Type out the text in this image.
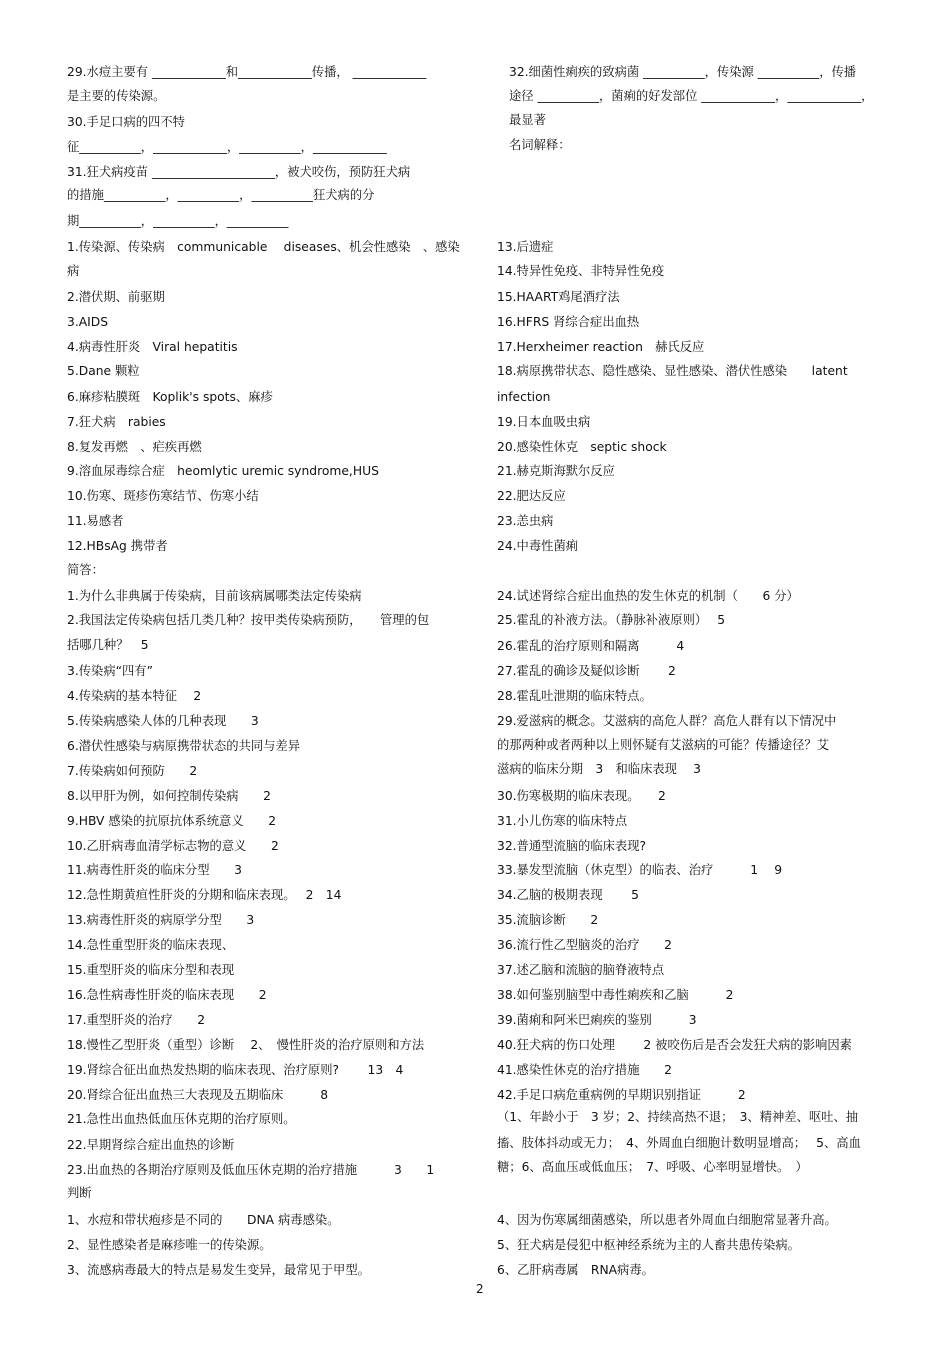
29.水痘主要有 ____________和____________传播， ____________
是主要的传染源。
30.手足口病的四不特
征__________，____________，__________，____________
31.狂犬病疫苗 ____________________，被犬咬伤，预防狂犬病
的措施__________，__________，__________狂犬病的分
期__________，__________，__________
32.细菌性痢疾的致病菌 __________，传染源 __________，传播
途径 __________，菌痢的好发部位 ____________，____________，
最显著
名词解释：
1.传染源、传染病　communicable　 diseases、机会性感染　、感染
病
2.潜伏期、前驱期
3.AIDS
4.病毒性肝炎　Viral hepatitis
5.Dane 颗粒
6.麻疹粘膜斑　Koplik's spots、麻疹
7.狂犬病　rabies
8.复发再燃　、疟疾再燃
9.溶血尿毒综合症　heomlytic uremic syndrome,HUS
10.伤寒、斑疹伤寒结节、伤寒小结
11.易感者
12.HBsAg 携带者
简答：
13.后遗症
14.特异性免疫、非特异性免疫
15.HAART鸡尾酒疗法
16.HFRS 肾综合症出血热
17.Herxheimer reaction　赫氏反应
18.病原携带状态、隐性感染、显性感染、潜伏性感染　　latent
infection
19.日本血吸虫病
20.感染性休克　septic shock
21.赫克斯海默尔反应
22.肥达反应
23.恙虫病
24.中毒性菌痢
1.为什么非典属于传染病，目前该病属哪类法定传染病
2.我国法定传染病包括几类几种？按甲类传染病预防，　　管理的包
括哪几种？　5
3.传染病“四有”
4.传染病的基本特征　 2
5.传染病感染人体的几种表现　　3
6.潜伏性感染与病原携带状态的共同与差异
7.传染病如何预防　　2
8.以甲肝为例，如何控制传染病　　2
9.HBV 感染的抗原抗体系统意义　　2
10.乙肝病毒血清学标志物的意义　　2
11.病毒性肝炎的临床分型　　3
12.急性期黄疸性肝炎的分期和临床表现。　 2　14
13.病毒性肝炎的病原学分型　　3
14.急性重型肝炎的临床表现、
15.重型肝炎的临床分型和表现
16.急性病毒性肝炎的临床表现　　2
17.重型肝炎的治疗　　2
18.慢性乙型肝炎（重型）诊断　 2、　慢性肝炎的治疗原则和方法
19.肾综合征出血热发热期的临床表现、治疗原则?　　 13　4
20.肾综合征出血热三大表现及五期临床　　　8
21.急性出血热低血压休克期的治疗原则。
22.早期肾综合症出血热的诊断
23.出血热的各期治疗原则及低血压休克期的治疗措施　　　3　　1
判断
24.试述肾综合症出血热的发生休克的机制（　　6 分）
25.霍乱的补液方法。（静脉补液原则）　 5
26.霍乱的治疗原则和隔离　　　4
27.霍乱的确诊及疑似诊断　　 2
28.霍乱吐泄期的临床特点。
29.爱滋病的概念。艾滋病的高危人群？高危人群有以下情况中
的那两种或者两种以上则怀疑有艾滋病的可能？传播途径？艾
滋病的临床分期　3　和临床表现　 3
30.伤寒极期的临床表现。　　2
31.小儿伤寒的临床特点
32.普通型流脑的临床表现?
33.暴发型流脑（休克型）的临表、治疗　　　1　 9
34.乙脑的极期表现　　 5
35.流脑诊断　　2
36.流行性乙型脑炎的治疗　　2
37.述乙脑和流脑的脑脊液特点
38.如何鉴别脑型中毒性痢疾和乙脑　　　2
39.菌痢和阿米巴痢疾的鉴别　　　3
40.狂犬病的伤口处理　　 2 被咬伤后是否会发狂犬病的影响因素
41.感染性休克的治疗措施　　2
42.手足口病危重病例的早期识别指证　　　2
（1、年龄小于　3 岁；2、持续高热不退；　3、精神差、呕吐、抽
搐、肢体抖动或无力；　4、外周血白细胞计数明显增高；　 5、高血
糖；6、高血压或低血压；　7、呼吸、心率明显增快。　）
1、水痘和带状疱疹是不同的　　DNA 病毒感染。
2、显性感染者是麻疹唯一的传染源。
3、流感病毒最大的特点是易发生变异，最常见于甲型。
4、因为伤寒属细菌感染，所以患者外周血白细胞常显著升高。
5、狂犬病是侵犯中枢神经系统为主的人畜共患传染病。
6、乙肝病毒属　RNA病毒。
2
